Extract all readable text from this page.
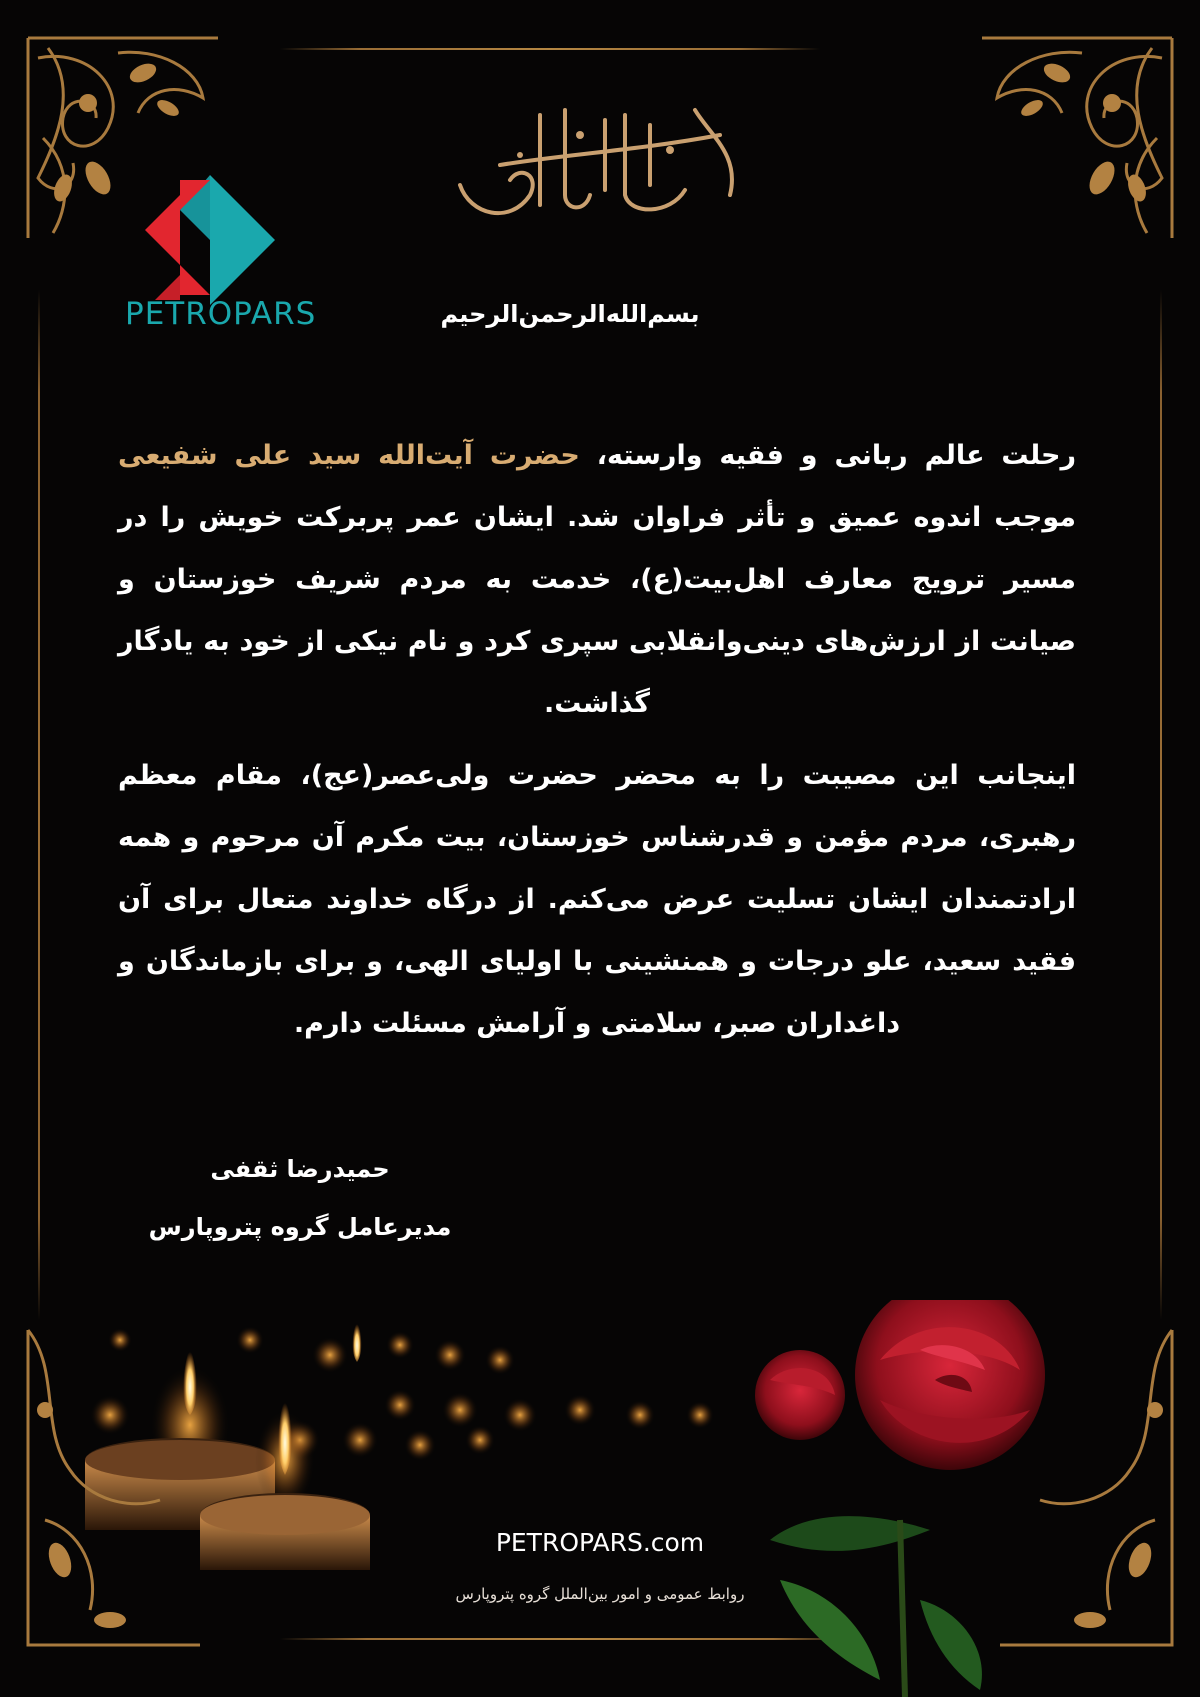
PETROPARS	بسم‌الله‌الرحمن‌الرحیم

رحلت عالم ربانی و فقیه وارسته، حضرت آیت‌الله سید علی شفیعی موجب اندوه عمیق و تأثر فراوان شد. ایشان عمر پربرکت خویش را در مسیر ترویج معارف اهل‌بیت(ع)، خدمت به مردم شریف خوزستان و صیانت از ارزش‌های دینی‌وانقلابی سپری کرد و نام نیکی از خود به یادگار گذاشت.

اینجانب این مصیبت را به محضر حضرت ولی‌عصر(عج)، مقام معظم رهبری، مردم مؤمن و قدرشناس خوزستان، بیت مکرم آن مرحوم و همه ارادتمندان ایشان تسلیت عرض می‌کنم. از درگاه خداوند متعال برای آن فقید سعید، علو درجات و همنشینی با اولیای الهی، و برای بازماندگان و داغداران صبر، سلامتی و آرامش مسئلت دارم.

حمیدرضا ثقفی
مدیرعامل گروه پتروپارس
PETROPARS.com
روابط عمومی و امور بین‌الملل گروه پتروپارس
